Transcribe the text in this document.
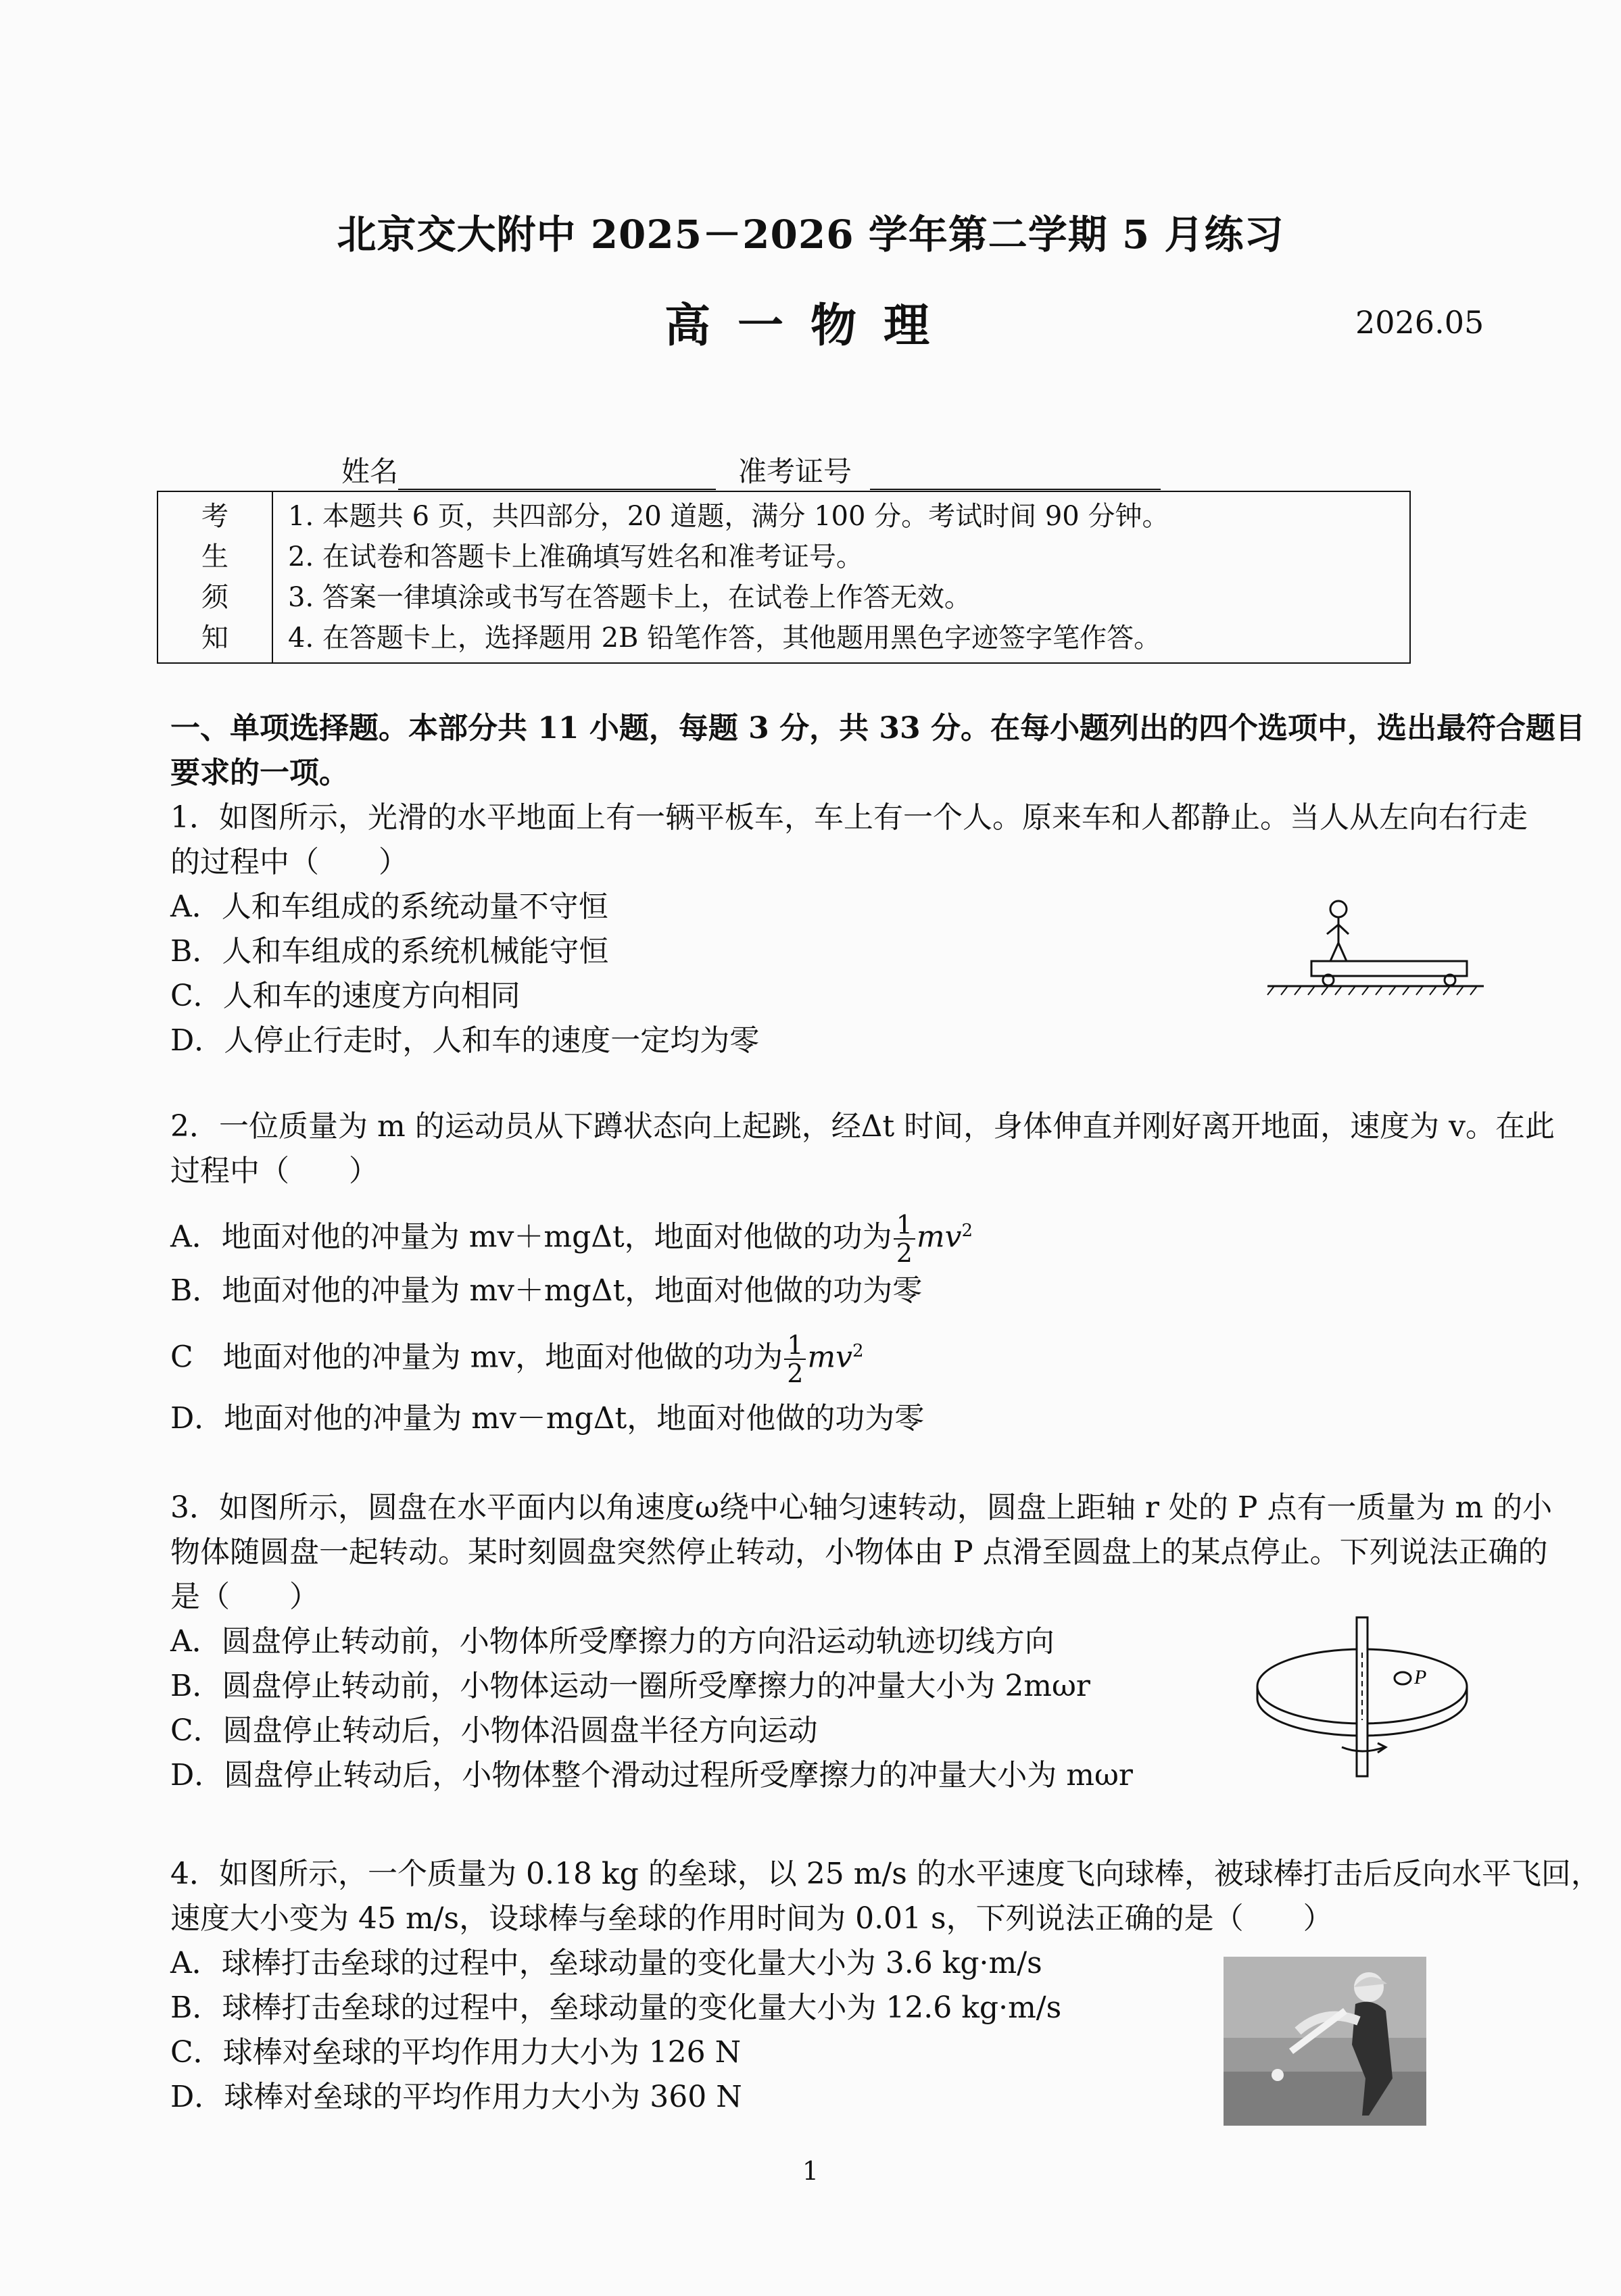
北京交大附中 2025－2026 学年第二学期 5 月练习
高一物理	2026.05
姓名	准考证号
考
生
须
知

1. 本题共 6 页，共四部分，20 道题，满分 100 分。考试时间 90 分钟。
2. 在试卷和答题卡上准确填写姓名和准考证号。
3. 答案一律填涂或书写在答题卡上，在试卷上作答无效。
4. 在答题卡上，选择题用 2B 铅笔作答，其他题用黑色字迹签字笔作答。
一、单项选择题。本部分共 11 小题，每题 3 分，共 33 分。在每小题列出的四个选项中，选出最符合题目
要求的一项。
1．如图所示，光滑的水平地面上有一辆平板车，车上有一个人。原来车和人都静止。当人从左向右行走
的过程中（　　）
A．人和车组成的系统动量不守恒
B．人和车组成的系统机械能守恒
C．人和车的速度方向相同
D．人停止行走时，人和车的速度一定均为零
2．一位质量为 m 的运动员从下蹲状态向上起跳，经Δt 时间，身体伸直并刚好离开地面，速度为 v。在此
过程中（　　）
A．地面对他的冲量为 mv＋mgΔt，地面对他做的功为 $\frac{1}{2} mv^2$
B．地面对他的冲量为 mv＋mgΔt，地面对他做的功为零
C　地面对他的冲量为 mv，地面对他做的功为 $\frac{1}{2} mv^2$
D．地面对他的冲量为 mv－mgΔt，地面对他做的功为零
3．如图所示，圆盘在水平面内以角速度ω绕中心轴匀速转动，圆盘上距轴 r 处的 P 点有一质量为 m 的小
物体随圆盘一起转动。某时刻圆盘突然停止转动，小物体由 P 点滑至圆盘上的某点停止。下列说法正确的
是（　　）
A．圆盘停止转动前，小物体所受摩擦力的方向沿运动轨迹切线方向
B．圆盘停止转动前，小物体运动一圈所受摩擦力的冲量大小为 2mωr
C．圆盘停止转动后，小物体沿圆盘半径方向运动
D．圆盘停止转动后，小物体整个滑动过程所受摩擦力的冲量大小为 mωr
P
4．如图所示，一个质量为 0.18 kg 的垒球，以 25 m/s 的水平速度飞向球棒，被球棒打击后反向水平飞回，
速度大小变为 45 m/s，设球棒与垒球的作用时间为 0.01 s，下列说法正确的是（　　）
A．球棒打击垒球的过程中，垒球动量的变化量大小为 3.6 kg·m/s
B．球棒打击垒球的过程中，垒球动量的变化量大小为 12.6 kg·m/s
C．球棒对垒球的平均作用力大小为 126 N
D．球棒对垒球的平均作用力大小为 360 N
1
